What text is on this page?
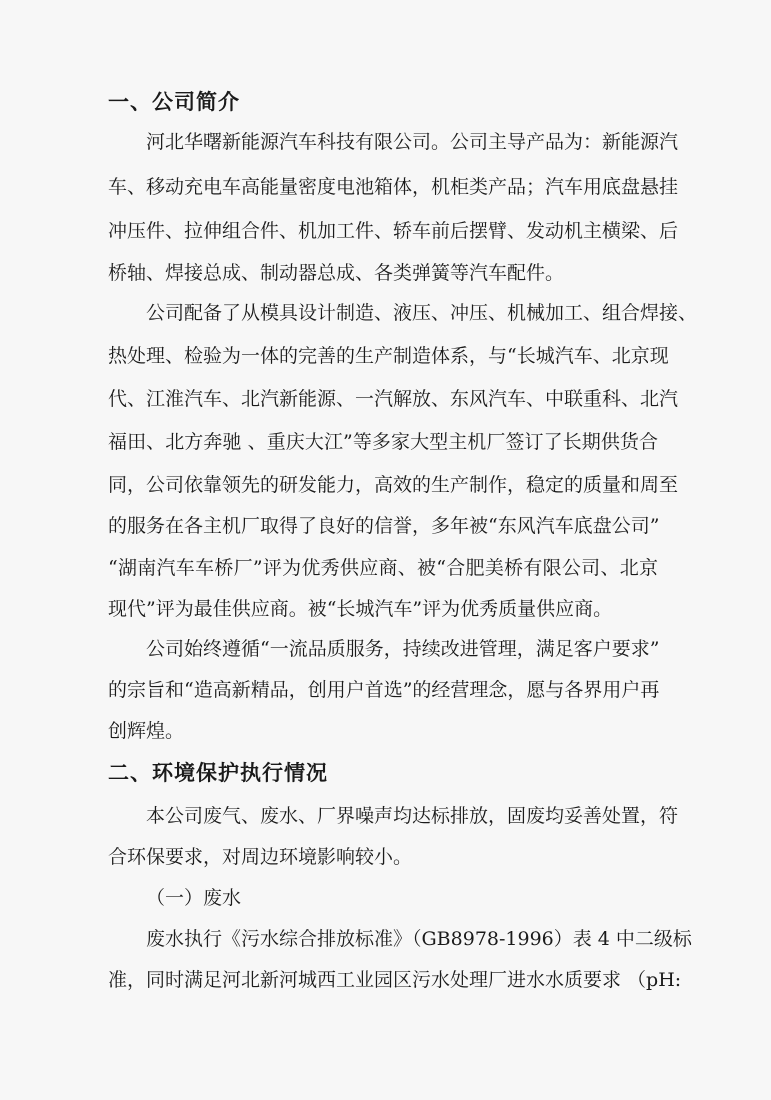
一、公司简介
河北华曙新能源汽车科技有限公司。公司主导产品为：新能源汽
车、移动充电车高能量密度电池箱体，机柜类产品；汽车用底盘悬挂
冲压件、拉伸组合件、机加工件、轿车前后摆臂、发动机主横梁、后
桥轴、焊接总成、制动器总成、各类弹簧等汽车配件。
公司配备了从模具设计制造、液压、冲压、机械加工、组合焊接、
热处理、检验为一体的完善的生产制造体系，与“长城汽车、北京现
代、江淮汽车、北汽新能源、一汽解放、东风汽车、中联重科、北汽
福田、北方奔驰 、重庆大江”等多家大型主机厂签订了长期供货合
同，公司依靠领先的研发能力，高效的生产制作，稳定的质量和周至
的服务在各主机厂取得了良好的信誉，多年被“东风汽车底盘公司”
“湖南汽车车桥厂”评为优秀供应商、被“合肥美桥有限公司、北京
现代”评为最佳供应商。被“长城汽车”评为优秀质量供应商。
公司始终遵循“一流品质服务，持续改进管理，满足客户要求”
的宗旨和“造高新精品，创用户首选”的经营理念，愿与各界用户再
创辉煌。
二、环境保护执行情况
本公司废气、废水、厂界噪声均达标排放，固废均妥善处置，符
合环保要求，对周边环境影响较小。
（一）废水
废水执行《污水综合排放标准》（GB8978-1996）表 4 中二级标
准，同时满足河北新河城西工业园区污水处理厂进水水质要求 （pH:
